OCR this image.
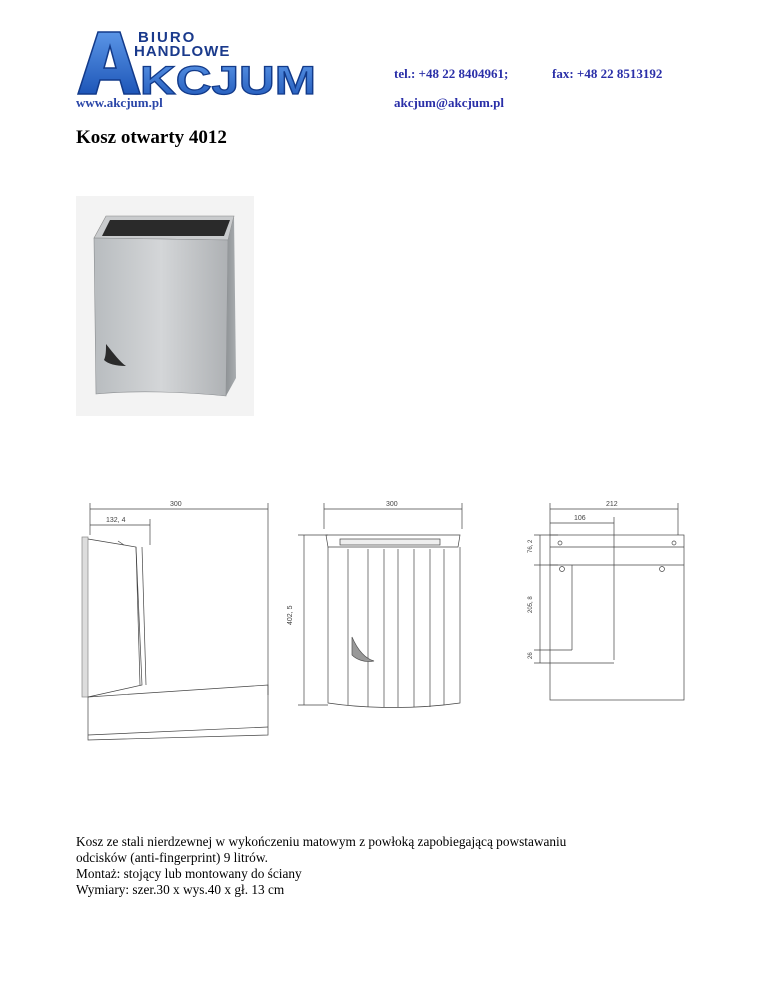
BIURO
HANDLOWE
KCJUM
www.akcjum.pl
tel.: +48 22 8404961;	fax: +48 22 8513192
akcjum@akcjum.pl
Kosz otwarty 4012
300
132, 4
300
402, 5
212
106
76, 2
205, 8
26

Kosz ze stali nierdzewnej w wykończeniu matowym z powłoką zapobiegającą powstawaniu

odcisków (anti-fingerprint) 9 litrów.

Montaż: stojący lub montowany do ściany

Wymiary: szer.30 x wys.40 x gł. 13 cm
